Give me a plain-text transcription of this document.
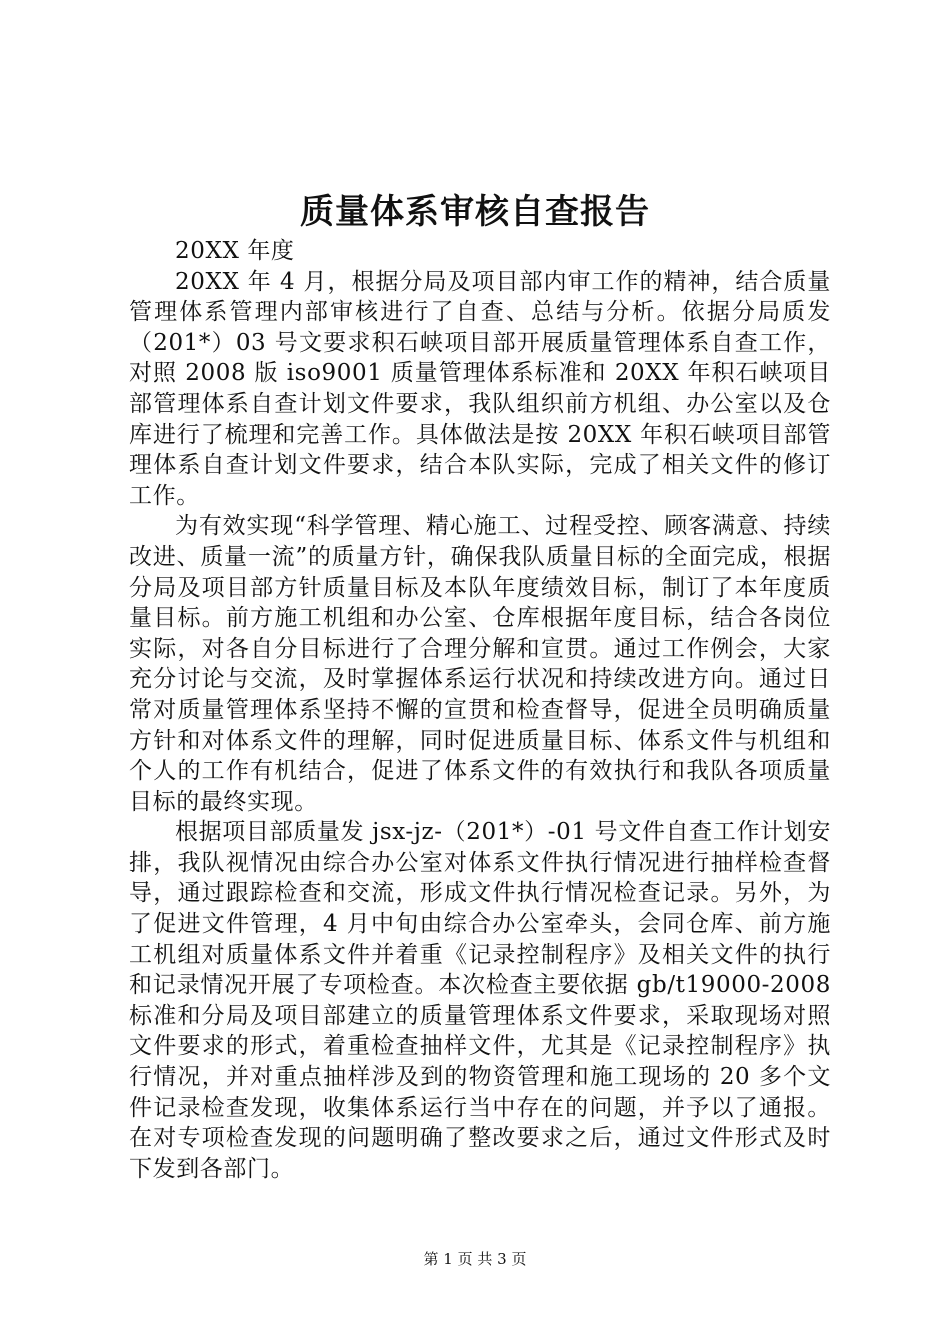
质量体系审核自查报告

20XX 年度

20XX 年 4 月，根据分局及项目部内审工作的精神，结合质量管理体系管理内部审核进行了自查、总结与分析。依据分局质发（201*）03 号文要求积石峡项目部开展质量管理体系自查工作，对照 2008 版 iso9001 质量管理体系标准和 20XX 年积石峡项目部管理体系自查计划文件要求，我队组织前方机组、办公室以及仓库进行了梳理和完善工作。具体做法是按 20XX 年积石峡项目部管理体系自查计划文件要求，结合本队实际，完成了相关文件的修订工作。

为有效实现“科学管理、精心施工、过程受控、顾客满意、持续改进、质量一流”的质量方针，确保我队质量目标的全面完成，根据分局及项目部方针质量目标及本队年度绩效目标，制订了本年度质量目标。前方施工机组和办公室、仓库根据年度目标，结合各岗位实际，对各自分目标进行了合理分解和宣贯。通过工作例会，大家充分讨论与交流，及时掌握体系运行状况和持续改进方向。通过日常对质量管理体系坚持不懈的宣贯和检查督导，促进全员明确质量方针和对体系文件的理解，同时促进质量目标、体系文件与机组和个人的工作有机结合，促进了体系文件的有效执行和我队各项质量目标的最终实现。

根据项目部质量发 jsx-jz-（201*）-01 号文件自查工作计划安排，我队视情况由综合办公室对体系文件执行情况进行抽样检查督导，通过跟踪检查和交流，形成文件执行情况检查记录。另外，为了促进文件管理，4 月中旬由综合办公室牵头，会同仓库、前方施工机组对质量体系文件并着重《记录控制程序》及相关文件的执行和记录情况开展了专项检查。本次检查主要依据 gb/t19000-2008 标准和分局及项目部建立的质量管理体系文件要求，采取现场对照文件要求的形式，着重检查抽样文件，尤其是《记录控制程序》执行情况，并对重点抽样涉及到的物资管理和施工现场的 20 多个文件记录检查发现，收集体系运行当中存在的问题，并予以了通报。在对专项检查发现的问题明确了整改要求之后，通过文件形式及时下发到各部门。

第 1 页 共 3 页
